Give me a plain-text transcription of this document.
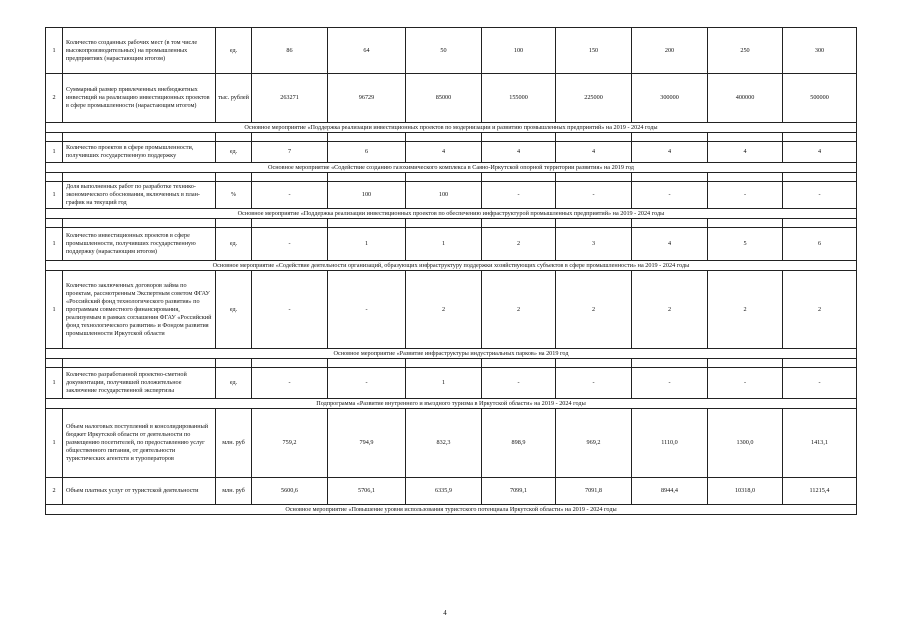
1	Количество созданных рабочих мест (в том числе высокопроизводительных) на промышленных предприятиях (нарастающим итогом)	ед.	86	64	50	100	150	200	250	300
2	Суммарный размер привлеченных внебюджетных инвестиций на реализацию инвестиционных проектов в сфере промышленности (нарастающим итогом)	тыс. рублей	263271	96729	85000	155000	225000	300000	400000	500000
Основное мероприятие «Поддержка реализации инвестиционных проектов по модернизации и развитию промышленных предприятий» на 2019 - 2024 годы										

1	Количество проектов в сфере промышленности, получивших государственную поддержку	ед.	7	6	4	4	4	4	4	4
Основное мероприятие «Содействие созданию газохимического комплекса в Саяно-Иркутской опорной территории развития» на 2019 год										

1	Доля выполненных работ по разработке технико-экономического обоснования, включенных в план-график на текущий год	%	-	100	100	-	-	-	-	-
Основное мероприятие «Поддержка реализации инвестиционных проектов по обеспечению инфраструктурой промышленных предприятий» на 2019 - 2024 годы										

1	Количество инвестиционных проектов в сфере промышленности, получивших государственную поддержку (нарастающим итогом)	ед.	-	1	1	2	3	4	5	6
Основное мероприятие «Содействие деятельности организаций, образующих инфраструктуру поддержки хозяйствующих субъектов в сфере промышленности» на 2019 - 2024 годы										
1	Количество заключенных договоров займа по проектам, рассмотренным Экспертным советом ФГАУ «Российский фонд технологического развития» по программам совместного финансирования, реализуемым в рамках соглашения ФГАУ «Российский фонд технологического развития» и Фондом развития промышленности Иркутской области	ед.	-	-	2	2	2	2	2	2
Основное мероприятие «Развитие инфраструктуры индустриальных парков» на 2019 год										

1	Количество разработанной проектно-сметной документации, получившей положительное заключение государственной экспертизы	ед.	-	-	1	-	-	-	-	-
Подпрограмма «Развитие внутреннего и въездного туризма в Иркутской области» на 2019 - 2024 годы										
1	Объем налоговых поступлений в консолидированный бюджет Иркутской области от деятельности по размещению посетителей, по предоставлению услуг общественного питания, от деятельности туристических агентств и туроператоров	млн. руб	759,2	794,9	832,3	898,9	969,2	1110,0	1300,0	1413,1
2	Объем платных услуг от туристской деятельности	млн. руб	5600,6	5706,1	6335,9	7099,1	7091,8	8944,4	10318,0	11215,4
Основное мероприятие «Повышение уровня использования туристского потенциала Иркутской области» на 2019 - 2024 годы										
4
